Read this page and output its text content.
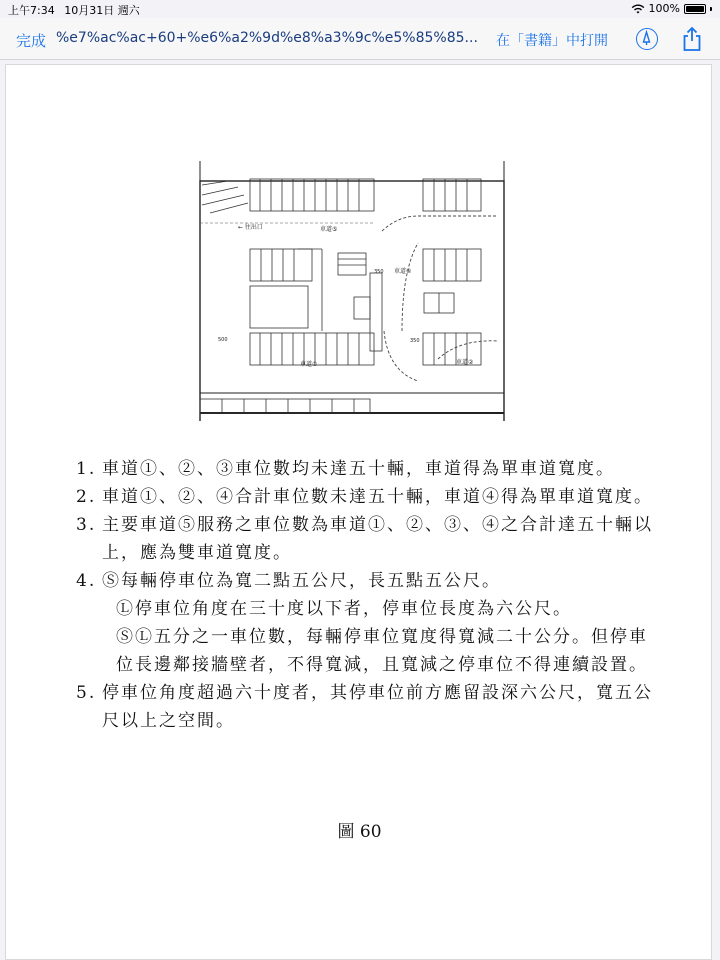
上午7:34 10月31日 週六	100%
完成 %e7%ac%ac+60+%e6%a2%9d%e8%a3%9c%e5%85%85...	在「書籍」中打開
← 往出口	車道⑤
車道④
車道②
車道①
350
350
500
1. 車道①、②、③車位數均未達五十輛，車道得為單車道寬度。
2. 車道①、②、④合計車位數未達五十輛，車道④得為單車道寬度。
3. 主要車道⑤服務之車位數為車道①、②、③、④之合計達五十輛以上，應為雙車道寬度。
4. Ⓢ每輛停車位為寬二點五公尺，長五點五公尺。
Ⓛ停車位角度在三十度以下者，停車位長度為六公尺。
ⓈⓁ五分之一車位數，每輛停車位寬度得寬減二十公分。但停車位長邊鄰接牆壁者，不得寬減，且寬減之停車位不得連續設置。
5. 停車位角度超過六十度者，其停車位前方應留設深六公尺，寬五公尺以上之空間。
圖 60
